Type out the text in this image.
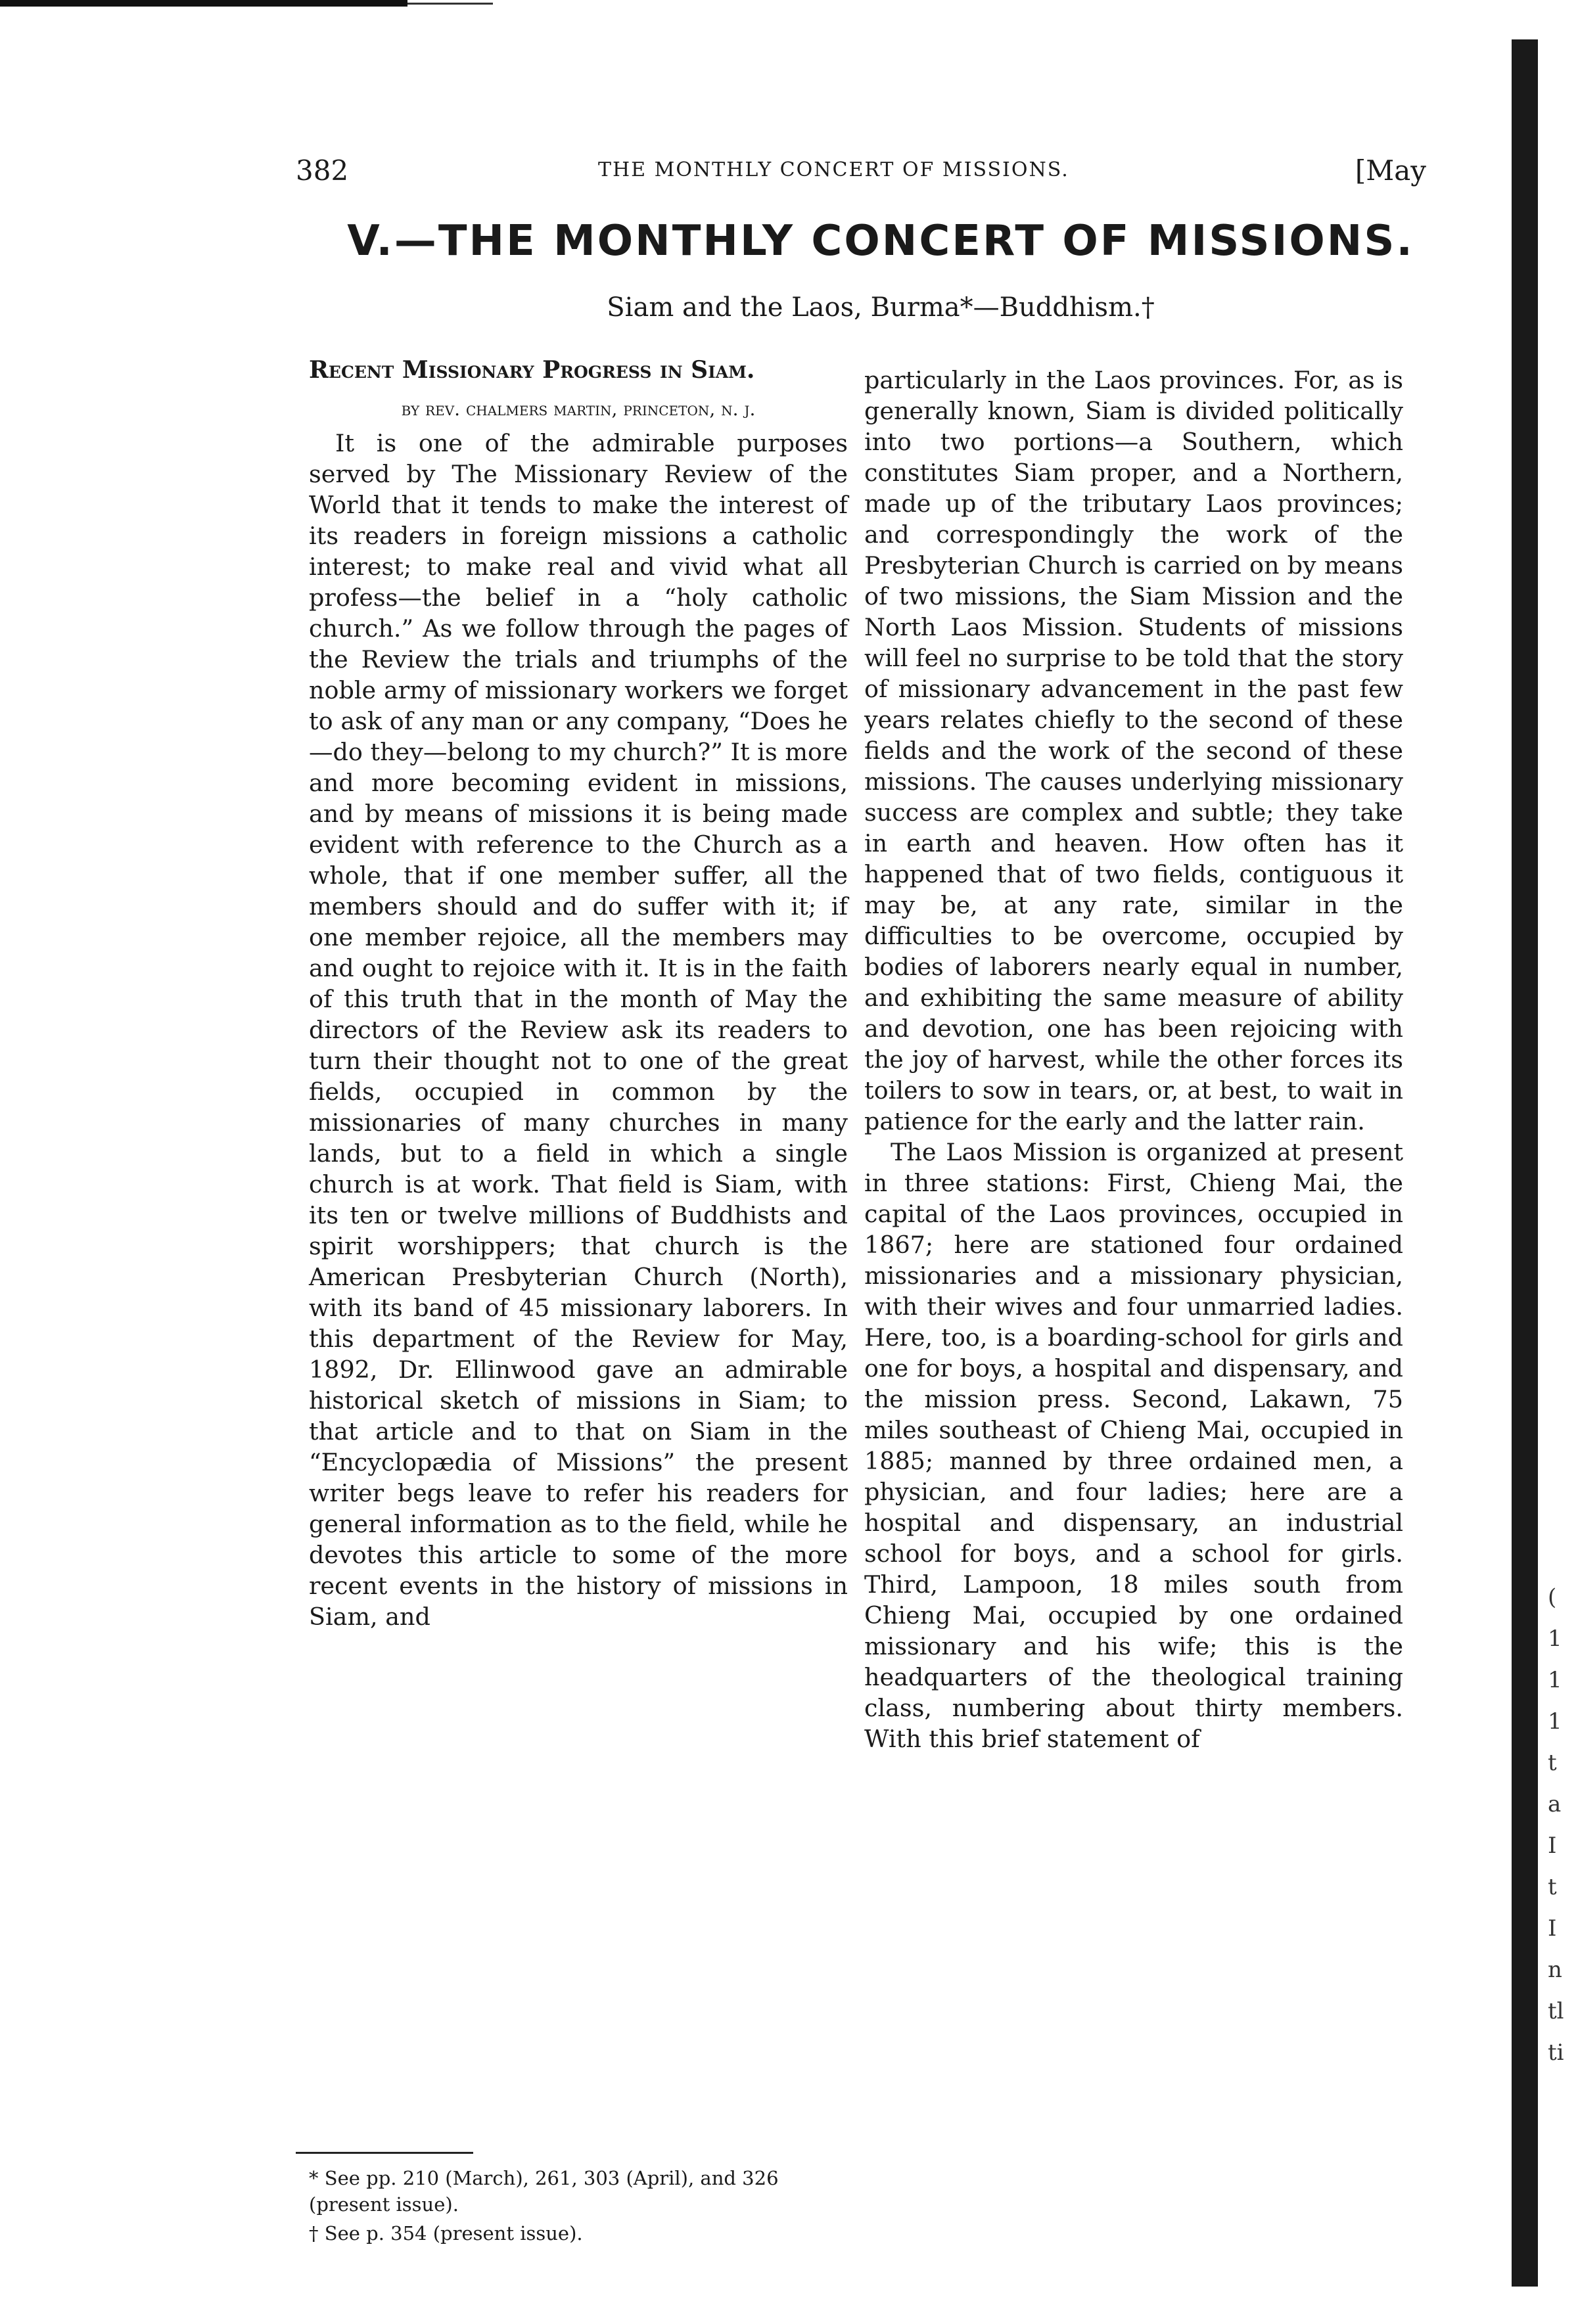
382	THE MONTHLY CONCERT OF MISSIONS.	[May
V.—THE MONTHLY CONCERT OF MISSIONS.
Siam and the Laos, Burma*—Buddhism.†
Recent Missionary Progress in Siam.
by rev. chalmers martin, princeton, n. j.

It is one of the admirable purposes served by The Missionary Review of the World that it tends to make the interest of its readers in foreign missions a catholic interest; to make real and vivid what all profess—the belief in a “holy catholic church.” As we follow through the pages of the Review the trials and triumphs of the noble army of missionary workers we forget to ask of any man or any company, “Does he—do they—belong to my church?” It is more and more becoming evident in missions, and by means of missions it is being made evident with reference to the Church as a whole, that if one member suffer, all the members should and do suffer with it; if one member rejoice, all the members may and ought to rejoice with it. It is in the faith of this truth that in the month of May the directors of the Review ask its readers to turn their thought not to one of the great fields, occupied in common by the missionaries of many churches in many lands, but to a field in which a single church is at work. That field is Siam, with its ten or twelve millions of Buddhists and spirit worshippers; that church is the American Presbyterian Church (North), with its band of 45 missionary laborers. In this department of the Review for May, 1892, Dr. Ellinwood gave an admirable historical sketch of missions in Siam; to that article and to that on Siam in the “Encyclopædia of Missions” the present writer begs leave to refer his readers for general information as to the field, while he devotes this article to some of the more recent events in the history of missions in Siam, and

particularly in the Laos provinces. For, as is generally known, Siam is divided politically into two portions—a Southern, which constitutes Siam proper, and a Northern, made up of the tributary Laos provinces; and correspondingly the work of the Presbyterian Church is carried on by means of two missions, the Siam Mission and the North Laos Mission. Students of missions will feel no surprise to be told that the story of missionary advancement in the past few years relates chiefly to the second of these fields and the work of the second of these missions. The causes underlying missionary success are complex and subtle; they take in earth and heaven. How often has it happened that of two fields, contiguous it may be, at any rate, similar in the difficulties to be overcome, occupied by bodies of laborers nearly equal in number, and exhibiting the same measure of ability and devotion, one has been rejoicing with the joy of harvest, while the other forces its toilers to sow in tears, or, at best, to wait in patience for the early and the latter rain.

The Laos Mission is organized at present in three stations: First, Chieng Mai, the capital of the Laos provinces, occupied in 1867; here are stationed four ordained missionaries and a missionary physician, with their wives and four unmarried ladies. Here, too, is a boarding-school for girls and one for boys, a hospital and dispensary, and the mission press. Second, Lakawn, 75 miles southeast of Chieng Mai, occupied in 1885; manned by three ordained men, a physician, and four ladies; here are a hospital and dispensary, an industrial school for boys, and a school for girls. Third, Lampoon, 18 miles south from Chieng Mai, occupied by one ordained missionary and his wife; this is the headquarters of the theological training class, numbering about thirty members. With this brief statement of

* See pp. 210 (March), 261, 303 (April), and 326 (present issue).

† See p. 354 (present issue).

(
1
1
1
t
a
I
t
I
n
tl
ti
